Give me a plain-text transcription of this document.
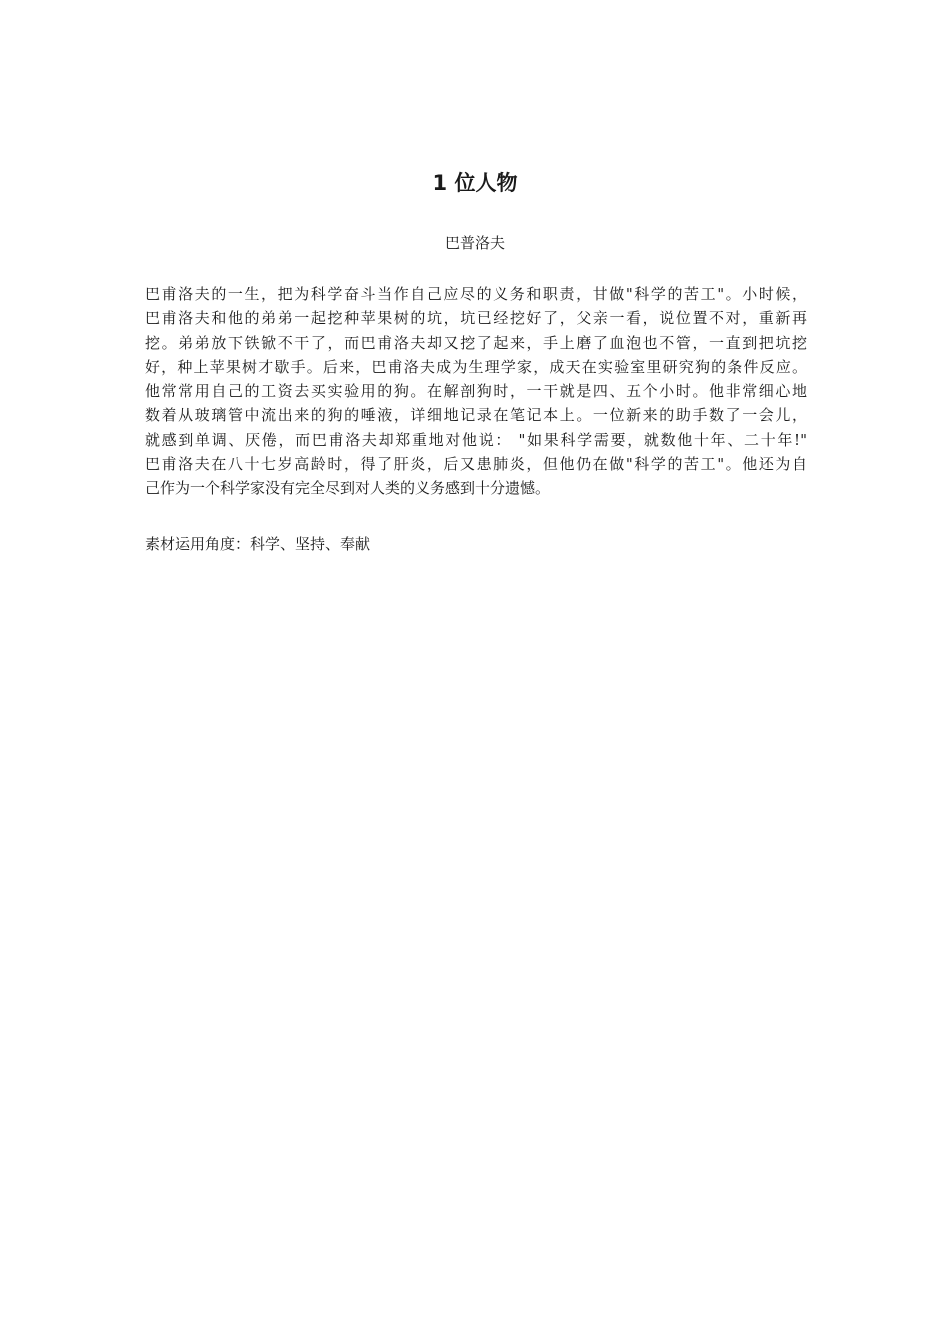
1 位人物

巴普洛夫

巴甫洛夫的一生，把为科学奋斗当作自己应尽的义务和职责，甘做"科学的苦工"。小时候，
巴甫洛夫和他的弟弟一起挖种苹果树的坑，坑已经挖好了，父亲一看，说位置不对，重新再
挖。弟弟放下铁锨不干了，而巴甫洛夫却又挖了起来，手上磨了血泡也不管，一直到把坑挖
好，种上苹果树才歇手。后来，巴甫洛夫成为生理学家，成天在实验室里研究狗的条件反应。
他常常用自己的工资去买实验用的狗。在解剖狗时，一干就是四、五个小时。他非常细心地
数着从玻璃管中流出来的狗的唾液，详细地记录在笔记本上。一位新来的助手数了一会儿，
就感到单调、厌倦，而巴甫洛夫却郑重地对他说： "如果科学需要，就数他十年、二十年!"
巴甫洛夫在八十七岁高龄时，得了肝炎，后又患肺炎，但他仍在做"科学的苦工"。他还为自
己作为一个科学家没有完全尽到对人类的义务感到十分遗憾。

素材运用角度：科学、坚持、奉献
